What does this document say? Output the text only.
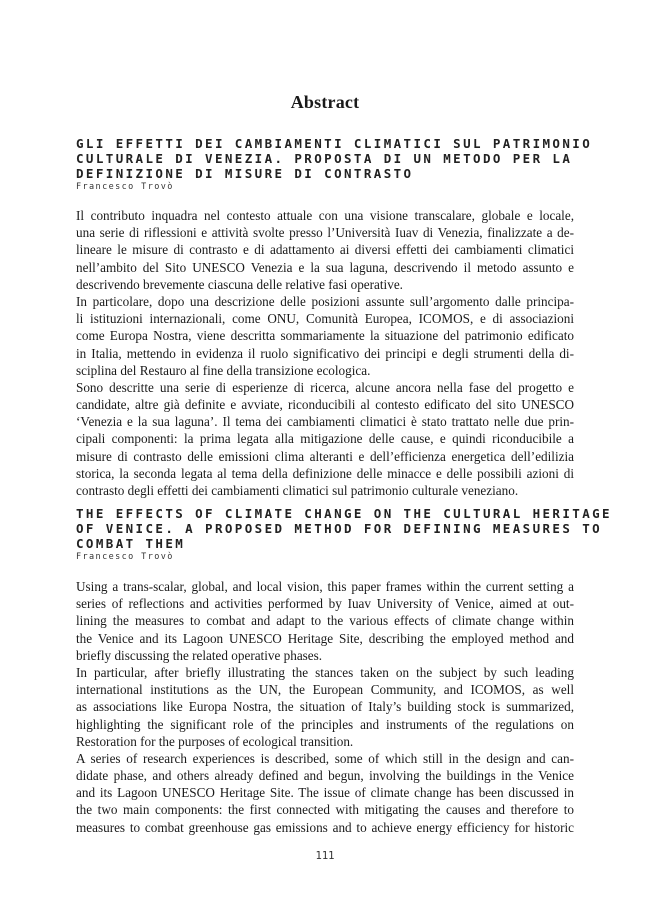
Abstract
GLI EFFETTI DEI CAMBIAMENTI CLIMATICI SUL PATRIMONIO
CULTURALE DI VENEZIA. PROPOSTA DI UN METODO PER LA
DEFINIZIONE DI MISURE DI CONTRASTO
Francesco Trovò
Il contributo inquadra nel contesto attuale con una visione transcalare, globale e locale,
una serie di riflessioni e attività svolte presso l’Università Iuav di Venezia, finalizzate a de-
lineare le misure di contrasto e di adattamento ai diversi effetti dei cambiamenti climatici
nell’ambito del Sito UNESCO Venezia e la sua laguna, descrivendo il metodo assunto e
descrivendo brevemente ciascuna delle relative fasi operative.
In particolare, dopo una descrizione delle posizioni assunte sull’argomento dalle principa-
li istituzioni internazionali, come ONU, Comunità Europea, ICOMOS, e di associazioni
come Europa Nostra, viene descritta sommariamente la situazione del patrimonio edificato
in Italia, mettendo in evidenza il ruolo significativo dei principi e degli strumenti della di-
sciplina del Restauro al fine della transizione ecologica.
Sono descritte una serie di esperienze di ricerca, alcune ancora nella fase del progetto e
candidate, altre già definite e avviate, riconducibili al contesto edificato del sito UNESCO
‘Venezia e la sua laguna’. Il tema dei cambiamenti climatici è stato trattato nelle due prin-
cipali componenti: la prima legata alla mitigazione delle cause, e quindi riconducibile a
misure di contrasto delle emissioni clima alteranti e dell’efficienza energetica dell’edilizia
storica, la seconda legata al tema della definizione delle minacce e delle possibili azioni di
contrasto degli effetti dei cambiamenti climatici sul patrimonio culturale veneziano.
THE EFFECTS OF CLIMATE CHANGE ON THE CULTURAL HERITAGE
OF VENICE. A PROPOSED METHOD FOR DEFINING MEASURES TO
COMBAT THEM
Francesco Trovò
Using a trans-scalar, global, and local vision, this paper frames within the current setting a
series of reflections and activities performed by Iuav University of Venice, aimed at out-
lining the measures to combat and adapt to the various effects of climate change within
the Venice and its Lagoon UNESCO Heritage Site, describing the employed method and
briefly discussing the related operative phases.
In particular, after briefly illustrating the stances taken on the subject by such leading
international institutions as the UN, the European Community, and ICOMOS, as well
as associations like Europa Nostra, the situation of Italy’s building stock is summarized,
highlighting the significant role of the principles and instruments of the regulations on
Restoration for the purposes of ecological transition.
A series of research experiences is described, some of which still in the design and can-
didate phase, and others already defined and begun, involving the buildings in the Venice
and its Lagoon UNESCO Heritage Site. The issue of climate change has been discussed in
the two main components: the first connected with mitigating the causes and therefore to
measures to combat greenhouse gas emissions and to achieve energy efficiency for historic
111
